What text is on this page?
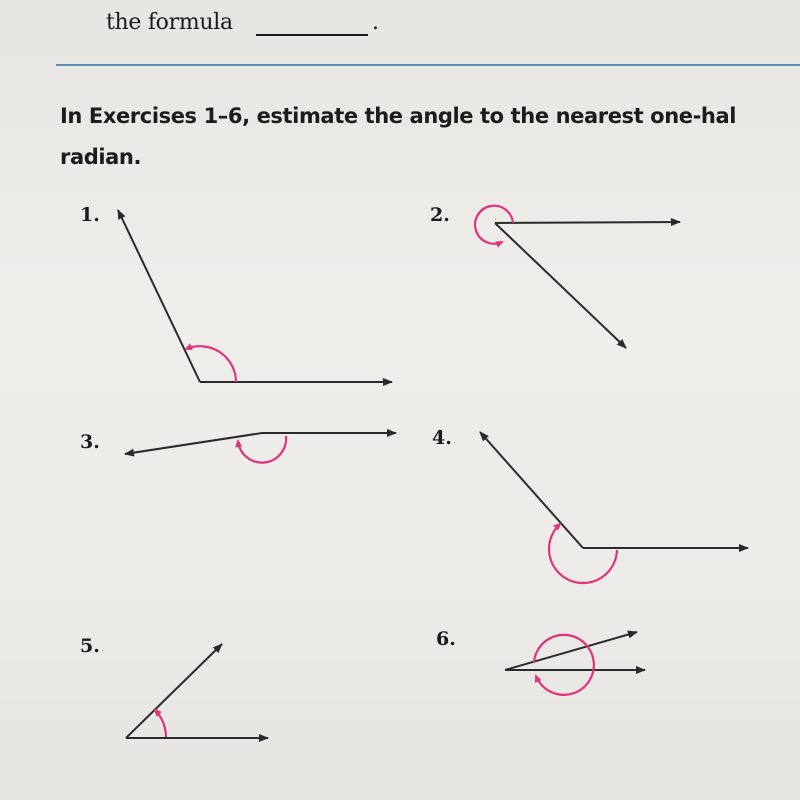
the formula	.
In Exercises 1–6, estimate the angle to the nearest one-hal
radian.
1.	2.
3.	4.
5.	6.
